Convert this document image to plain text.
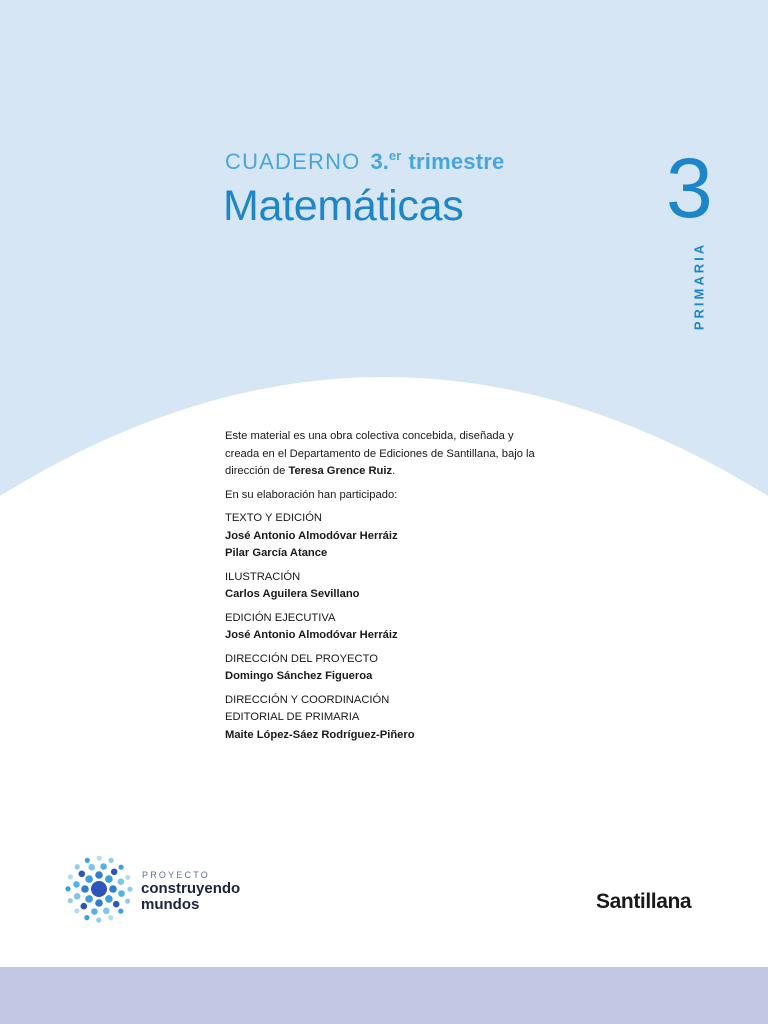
CUADERNO 3.$^{er}$ trimestre
Matemáticas 3
PRIMARIA

Este material es una obra colectiva concebida, diseñada y creada en el Departamento de Ediciones de Santillana, bajo la dirección de Teresa Grence Ruiz.

En su elaboración han participado:

TEXTO Y EDICIÓN

José Antonio Almodóvar Herráiz

Pilar García Atance

ILUSTRACIÓN

Carlos Aguilera Sevillano

EDICIÓN EJECUTIVA

José Antonio Almodóvar Herráiz

DIRECCIÓN DEL PROYECTO

Domingo Sánchez Figueroa

DIRECCIÓN Y COORDINACIÓN
EDITORIAL DE PRIMARIA

Maite López-Sáez Rodríguez-Piñero

PROYECTO
construyendo
mundos	Santillana
